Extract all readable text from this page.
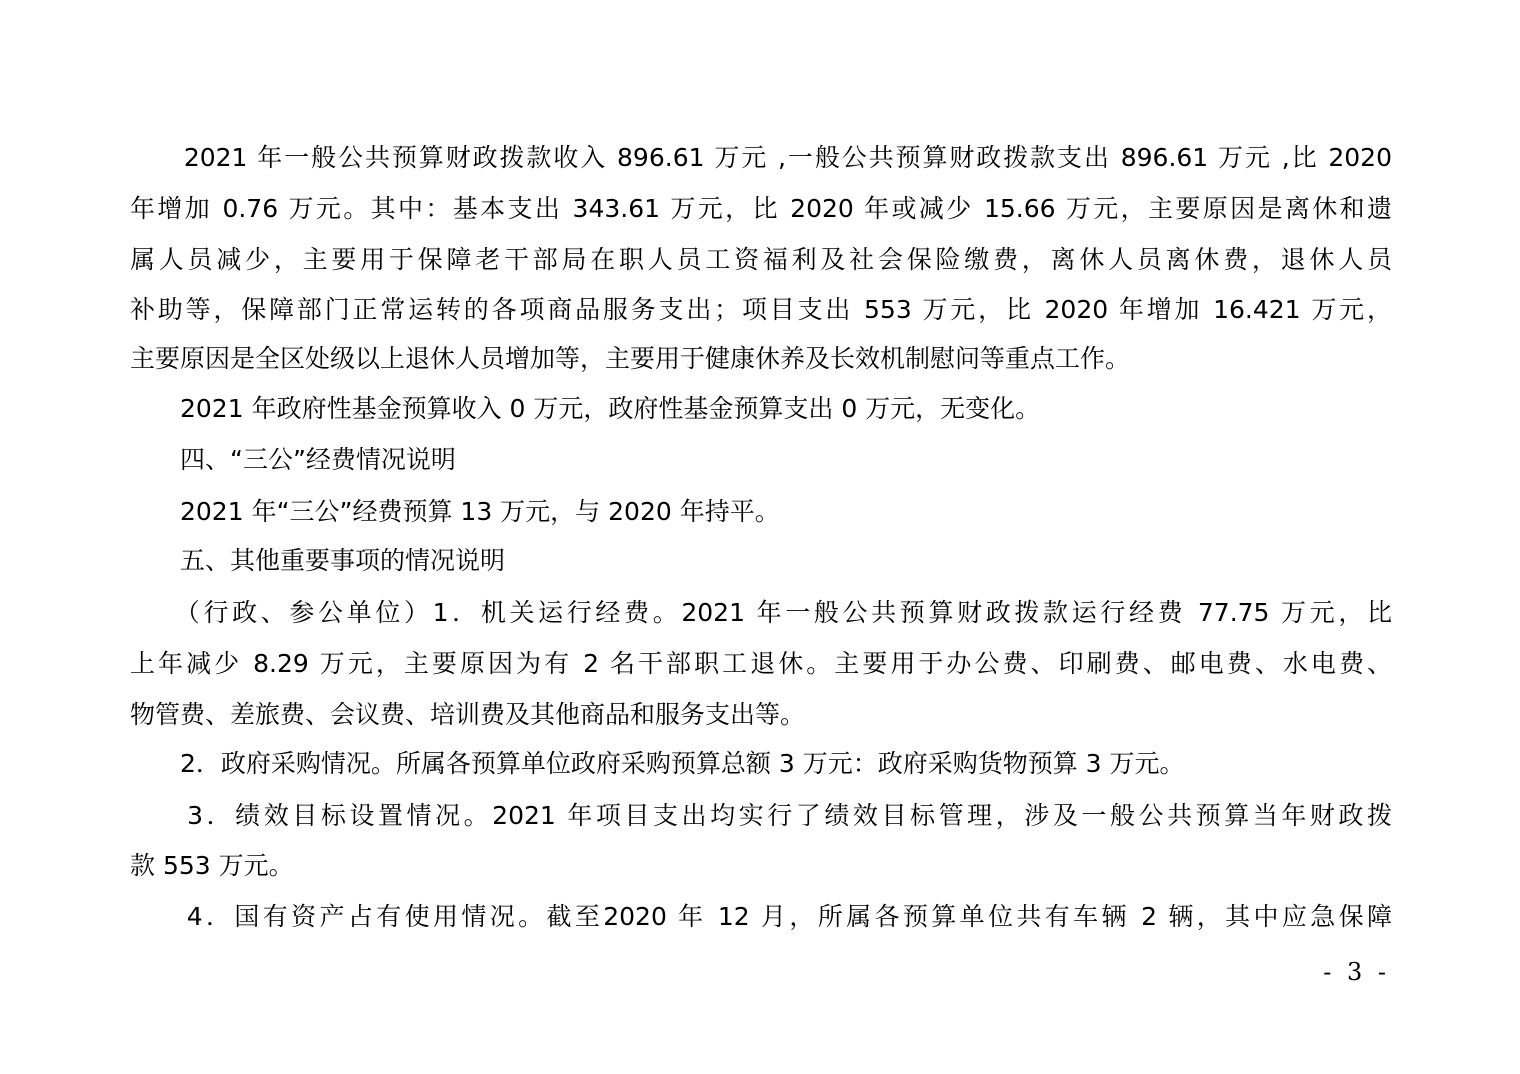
　　2021 年一般公共预算财政拨款收入 896.61 万元 ,一般公共预算财政拨款支出 896.61 万元 ,比 2020
年增加 0.76 万元。其中：基本支出 343.61 万元，比 2020 年或减少 15.66 万元，主要原因是离休和遗
属人员减少，主要用于保障老干部局在职人员工资福利及社会保险缴费，离休人员离休费，退休人员
补助等，保障部门正常运转的各项商品服务支出；项目支出 553 万元，比 2020 年增加 16.421 万元，
主要原因是全区处级以上退休人员增加等，主要用于健康休养及长效机制慰问等重点工作。
　　2021 年政府性基金预算收入 0 万元，政府性基金预算支出 0 万元，无变化。
　　四、“三公”经费情况说明
　　2021 年“三公”经费预算 13 万元，与 2020 年持平。
　　五、其他重要事项的情况说明
　　（行政、参公单位）1．机关运行经费。2021 年一般公共预算财政拨款运行经费 77.75 万元，比
上年减少 8.29 万元，主要原因为有 2 名干部职工退休。主要用于办公费、印刷费、邮电费、水电费、
物管费、差旅费、会议费、培训费及其他商品和服务支出等。
　　2．政府采购情况。所属各预算单位政府采购预算总额 3 万元：政府采购货物预算 3 万元。
　　3．绩效目标设置情况。2021 年项目支出均实行了绩效目标管理，涉及一般公共预算当年财政拨
款 553 万元。
　　4．国有资产占有使用情况。截至2020 年 12 月，所属各预算单位共有车辆 2 辆，其中应急保障
- 3 -
